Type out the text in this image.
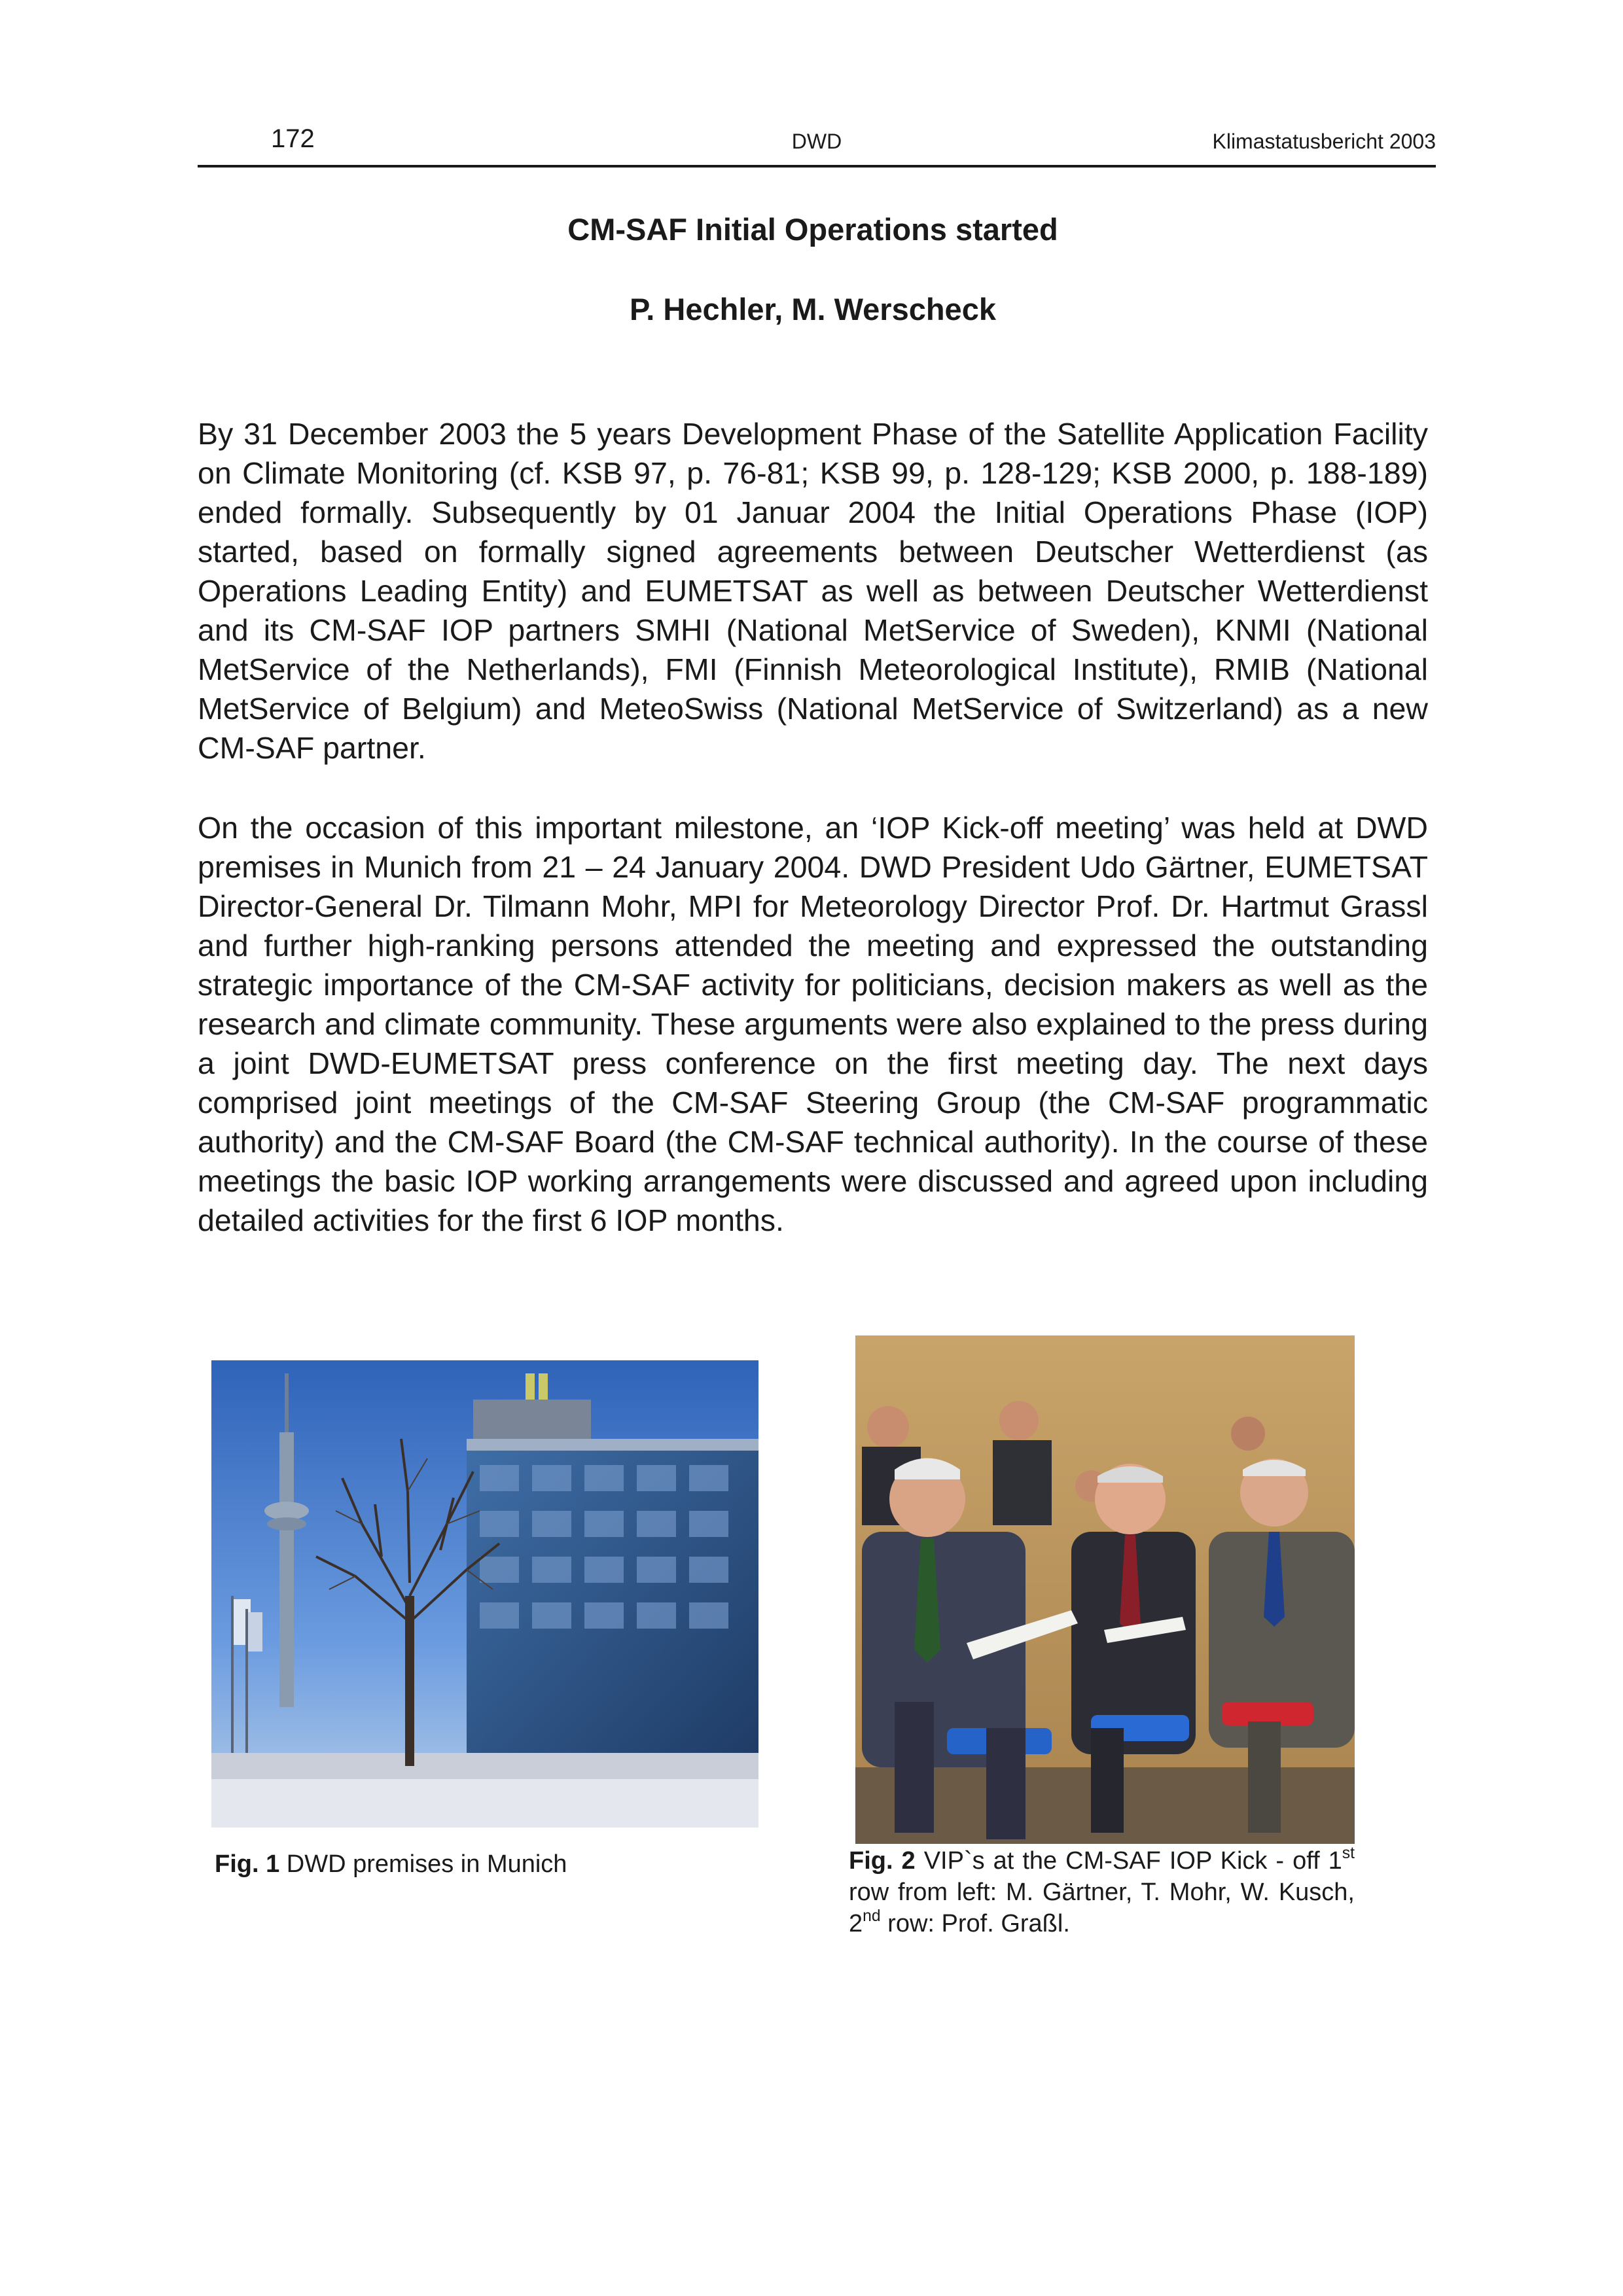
172	DWD	Klimastatusbericht 2003
CM-SAF Initial Operations started
P. Hechler, M. Werscheck

By 31 December 2003 the 5 years Development Phase of the Satellite Application Facility on Climate Monitoring (cf. KSB 97, p. 76-81; KSB 99, p. 128-129; KSB 2000, p. 188-189) ended formally. Subsequently by 01 Januar 2004 the Initial Operations Phase (IOP) started, based on formally signed agreements between Deutscher Wetterdienst (as Operations Leading Entity) and EUMETSAT as well as between Deutscher Wetterdienst and its CM-SAF IOP partners SMHI (National MetService of Sweden), KNMI (National MetService of the Netherlands), FMI (Finnish Meteorological Institute), RMIB (National MetService of Belgium) and MeteoSwiss (National MetService of Switzerland) as a new CM-SAF partner.

On the occasion of this important milestone, an ‘IOP Kick-off meeting’ was held at DWD premises in Munich from 21 – 24 January 2004. DWD President Udo Gärtner, EUMETSAT Director-General Dr. Tilmann Mohr, MPI for Meteorology Director Prof. Dr. Hartmut Grassl and further high-ranking persons attended the meeting and expressed the outstanding strategic importance of the CM-SAF activity for politicians, decision makers as well as the research and climate community. These arguments were also explained to the press during a joint DWD-EUMETSAT press conference on the first meeting day. The next days comprised joint meetings of the CM-SAF Steering Group (the CM-SAF programmatic authority) and the CM-SAF Board (the CM-SAF technical authority). In the course of these meetings the basic IOP working arrangements were discussed and agreed upon including detailed activities for the first 6 IOP months.

Fig. 1 DWD premises in Munich	Fig. 2 VIP`s at the CM-SAF IOP Kick - off 1st row from left: M. Gärtner, T. Mohr, W. Kusch, 2nd row: Prof. Graßl.
